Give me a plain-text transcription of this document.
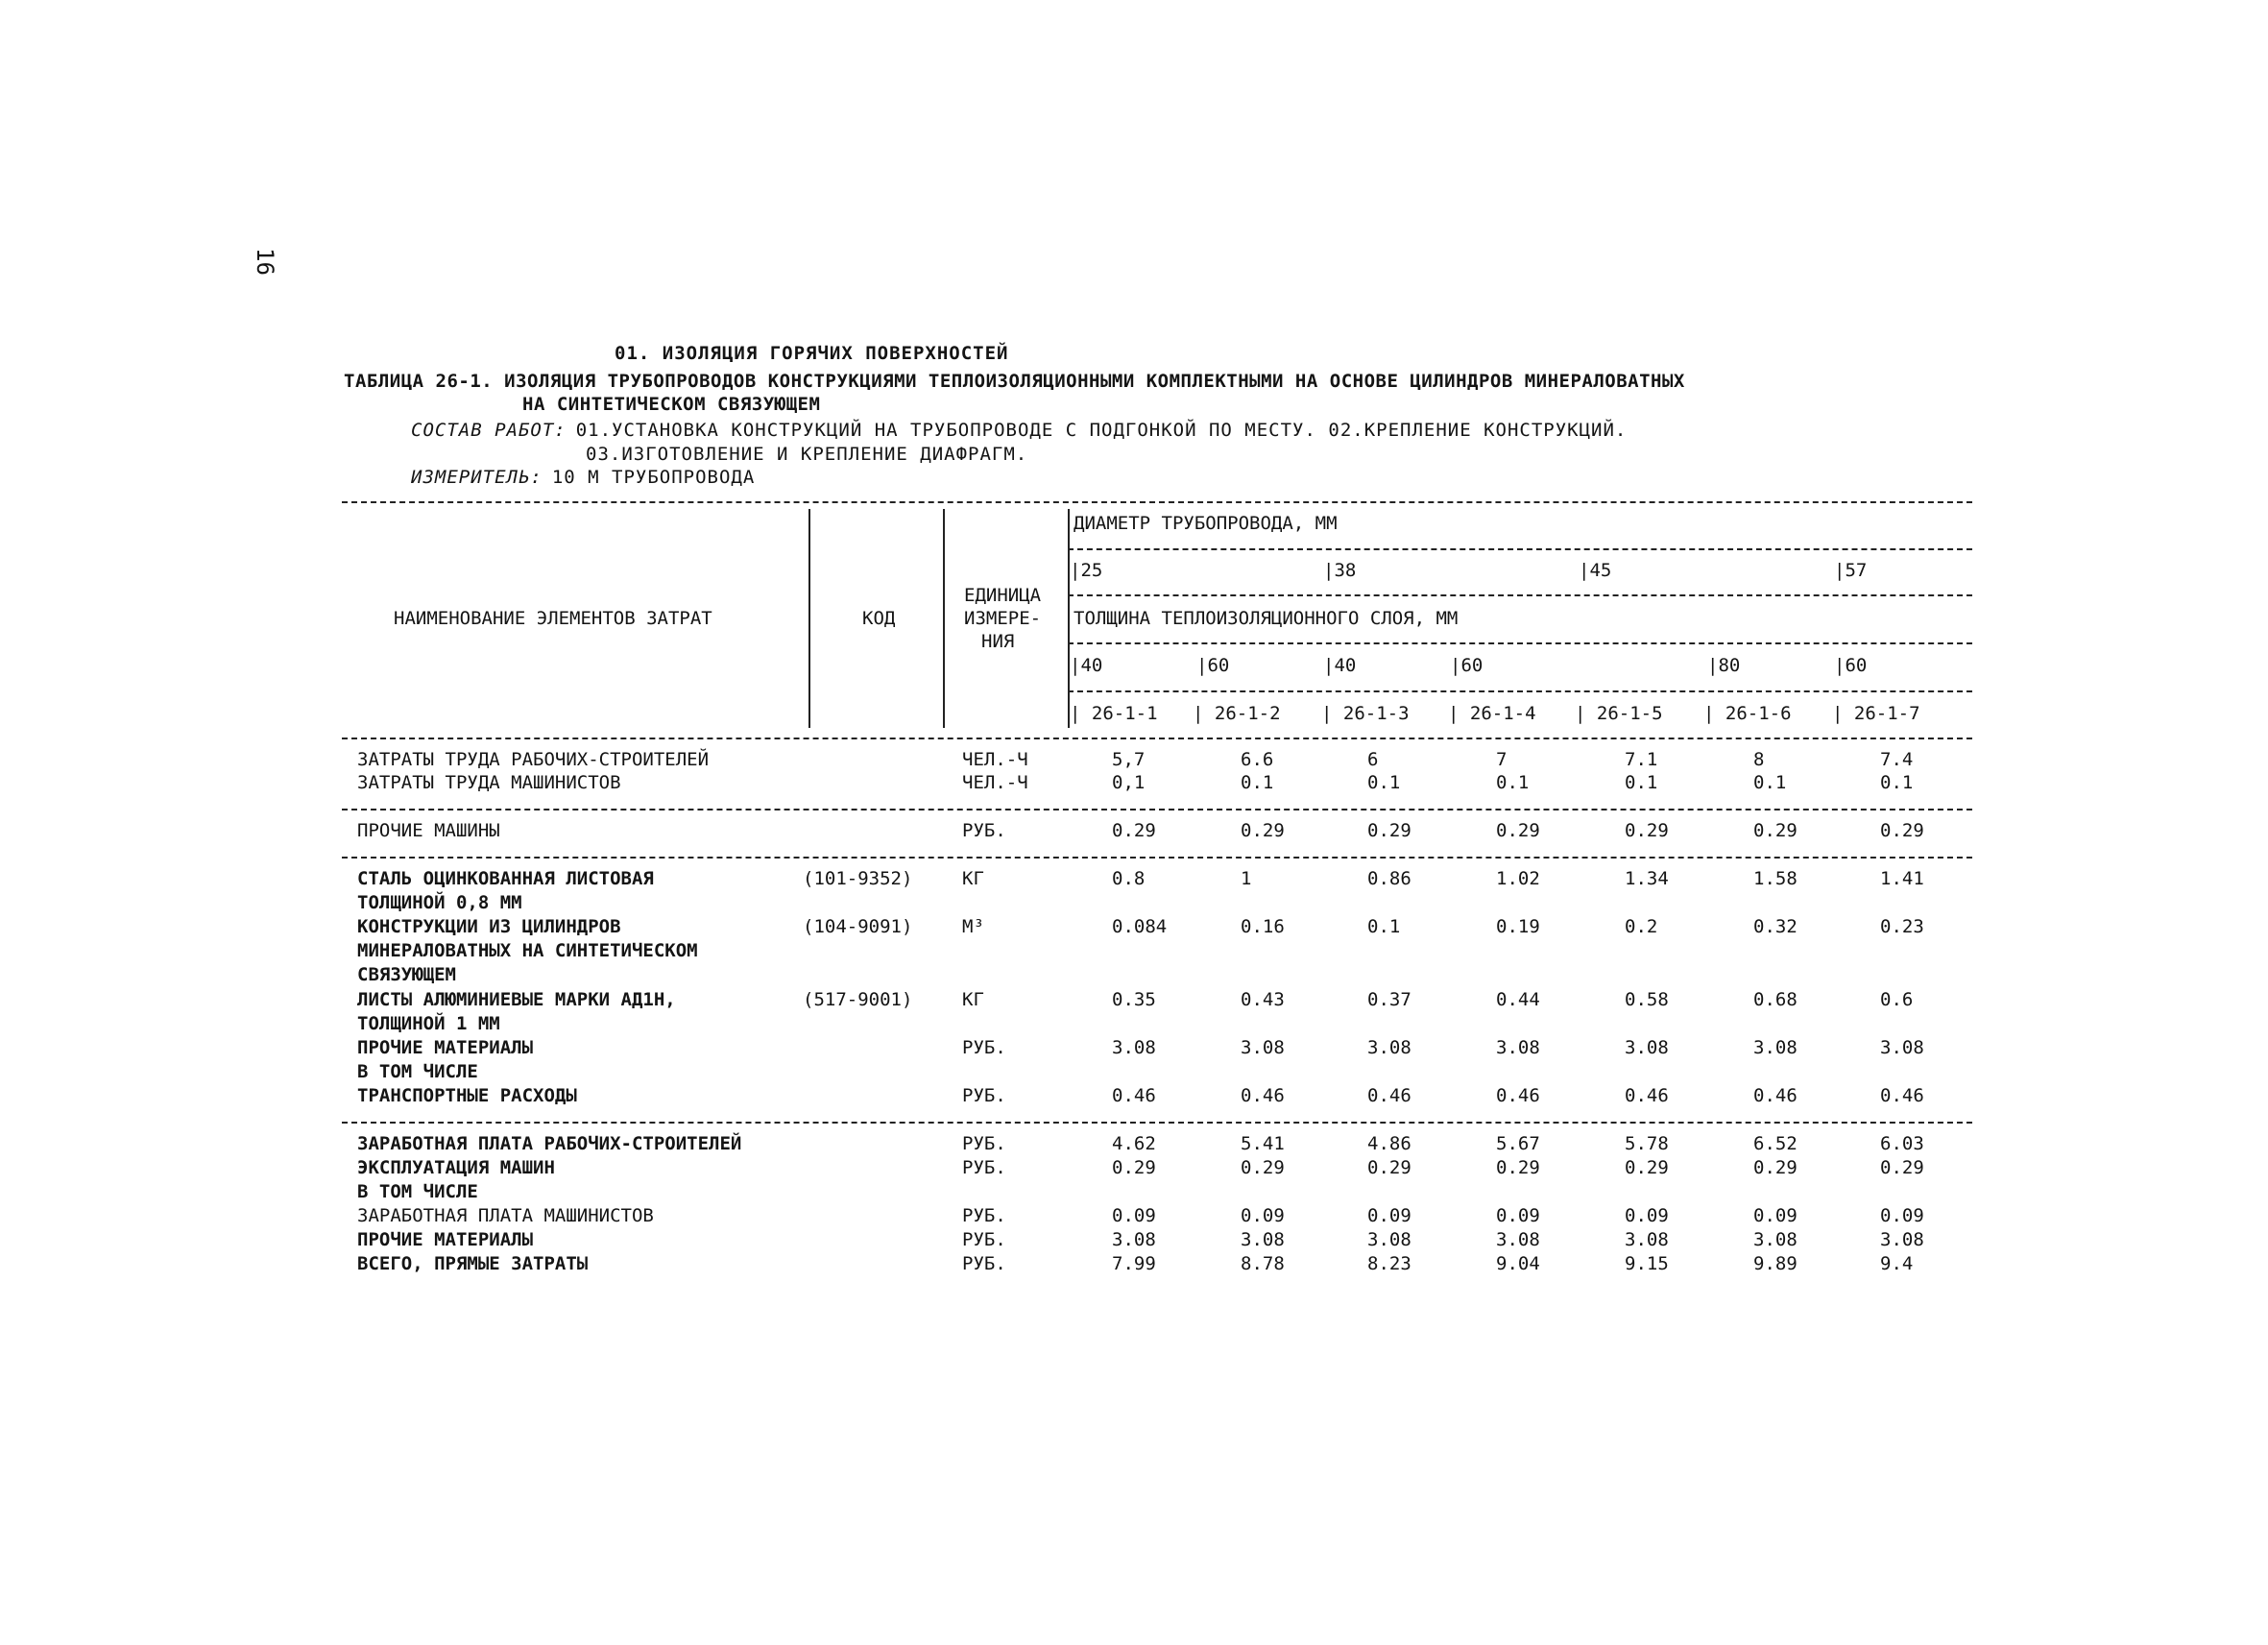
16
01. ИЗОЛЯЦИЯ ГОРЯЧИХ ПОВЕРХНОСТЕЙ
ТАБЛИЦА 26-1. ИЗОЛЯЦИЯ ТРУБОПРОВОДОВ КОНСТРУКЦИЯМИ ТЕПЛОИЗОЛЯЦИОННЫМИ КОМПЛЕКТНЫМИ НА ОСНОВЕ ЦИЛИНДРОВ МИНЕРАЛОВАТНЫХ
НА СИНТЕТИЧЕСКОМ СВЯЗУЮЩЕМ
СОСТАВ РАБОТ: 01.УСТАНОВКА КОНСТРУКЦИЙ НА ТРУБОПРОВОДЕ С ПОДГОНКОЙ ПО МЕСТУ. 02.КРЕПЛЕНИЕ КОНСТРУКЦИЙ.
03.ИЗГОТОВЛЕНИЕ И КРЕПЛЕНИЕ ДИАФРАГМ.
ИЗМЕРИТЕЛЬ: 10 М ТРУБОПРОВОДА
НАИМЕНОВАНИЕ ЭЛЕМЕНТОВ ЗАТРАТ	КОД
ЕДИНИЦА
ИЗМЕРЕ-
НИЯ
ДИАМЕТР ТРУБОПРОВОДА, ММ
ТОЛЩИНА ТЕПЛОИЗОЛЯЦИОННОГО СЛОЯ, ММ
|25	|38	|45	|57
|40	|60	|40	|60	|80	|60
| 26-1-1 | 26-1-2 | 26-1-3 | 26-1-4 | 26-1-5 | 26-1-6 | 26-1-7
ЗАТРАТЫ ТРУДА РАБОЧИХ-СТРОИТЕЛЕЙ	ЧЕЛ.-Ч	5,7	6.6	6	7	7.1	8	7.4
ЗАТРАТЫ ТРУДА МАШИНИСТОВ	ЧЕЛ.-Ч	0,1	0.1	0.1	0.1	0.1	0.1	0.1
ПРОЧИЕ МАШИНЫ	РУБ.	0.29	0.29	0.29	0.29	0.29	0.29	0.29
СТАЛЬ ОЦИНКОВАННАЯ ЛИСТОВАЯ	(101-9352)	КГ	0.8	1	0.86	1.02	1.34	1.58	1.41
ТОЛЩИНОЙ 0,8 ММ
КОНСТРУКЦИИ ИЗ ЦИЛИНДРОВ	(104-9091)	М³	0.084	0.16	0.1	0.19	0.2	0.32	0.23
МИНЕРАЛОВАТНЫХ НА СИНТЕТИЧЕСКОМ
СВЯЗУЮЩЕМ
ЛИСТЫ АЛЮМИНИЕВЫЕ МАРКИ АД1Н,	(517-9001)	КГ	0.35	0.43	0.37	0.44	0.58	0.68	0.6
ТОЛЩИНОЙ 1 ММ
ПРОЧИЕ МАТЕРИАЛЫ	РУБ.	3.08	3.08	3.08	3.08	3.08	3.08	3.08
В ТОМ ЧИСЛЕ
ТРАНСПОРТНЫЕ РАСХОДЫ	РУБ.	0.46	0.46	0.46	0.46	0.46	0.46	0.46
ЗАРАБОТНАЯ ПЛАТА РАБОЧИХ-СТРОИТЕЛЕЙ	РУБ.	4.62	5.41	4.86	5.67	5.78	6.52	6.03
ЭКСПЛУАТАЦИЯ МАШИН	РУБ.	0.29	0.29	0.29	0.29	0.29	0.29	0.29
В ТОМ ЧИСЛЕ
ЗАРАБОТНАЯ ПЛАТА МАШИНИСТОВ	РУБ.	0.09	0.09	0.09	0.09	0.09	0.09	0.09
ПРОЧИЕ МАТЕРИАЛЫ	РУБ.	3.08	3.08	3.08	3.08	3.08	3.08	3.08
ВСЕГО, ПРЯМЫЕ ЗАТРАТЫ	РУБ.	7.99	8.78	8.23	9.04	9.15	9.89	9.4
